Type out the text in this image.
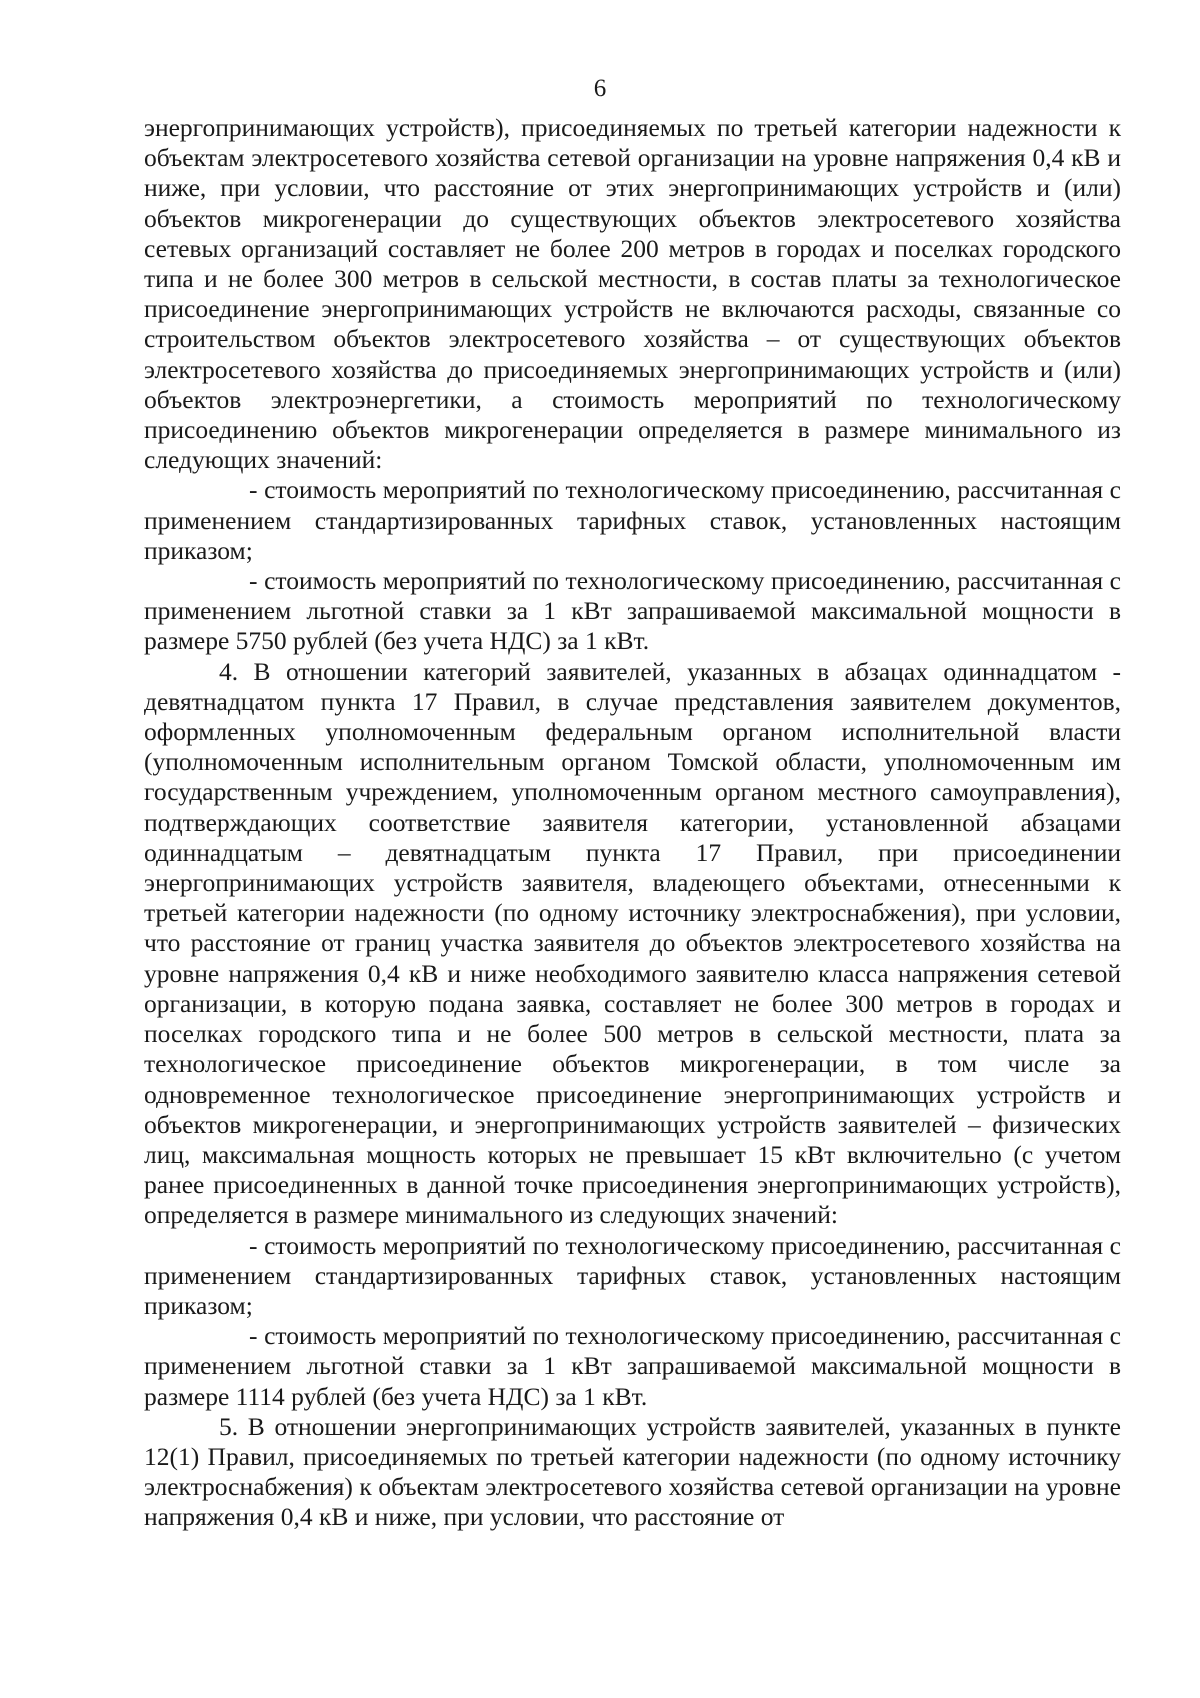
6

энергопринимающих устройств), присоединяемых по третьей категории надежности к объектам электросетевого хозяйства сетевой организации на уровне напряжения 0,4 кВ и ниже, при условии, что расстояние от этих энергопринимающих устройств и (или) объектов микрогенерации до существующих объектов электросетевого хозяйства сетевых организаций составляет не более 200 метров в городах и поселках городского типа и не более 300 метров в сельской местности, в состав платы за технологическое присоединение энергопринимающих устройств не включаются расходы, связанные со строительством объектов электросетевого хозяйства – от существующих объектов электросетевого хозяйства до присоединяемых энергопринимающих устройств и (или) объектов электроэнергетики, а стоимость мероприятий по технологическому присоединению объектов микрогенерации определяется в размере минимального из следующих значений:

- стоимость мероприятий по технологическому присоединению, рассчитанная с применением стандартизированных тарифных ставок, установленных настоящим приказом;

- стоимость мероприятий по технологическому присоединению, рассчитанная с применением льготной ставки за 1 кВт запрашиваемой максимальной мощности в размере 5750 рублей (без учета НДС) за 1 кВт.

4. В отношении категорий заявителей, указанных в абзацах одиннадцатом - девятнадцатом пункта 17 Правил, в случае представления заявителем документов, оформленных уполномоченным федеральным органом исполнительной власти (уполномоченным исполнительным органом Томской области, уполномоченным им государственным учреждением, уполномоченным органом местного самоуправления), подтверждающих соответствие заявителя категории, установленной абзацами одиннадцатым – девятнадцатым пункта 17 Правил, при присоединении энергопринимающих устройств заявителя, владеющего объектами, отнесенными к третьей категории надежности (по одному источнику электроснабжения), при условии, что расстояние от границ участка заявителя до объектов электросетевого хозяйства на уровне напряжения 0,4 кВ и ниже необходимого заявителю класса напряжения сетевой организации, в которую подана заявка, составляет не более 300 метров в городах и поселках городского типа и не более 500 метров в сельской местности, плата за технологическое присоединение объектов микрогенерации, в том числе за одновременное технологическое присоединение энергопринимающих устройств и объектов микрогенерации, и энергопринимающих устройств заявителей – физических лиц, максимальная мощность которых не превышает 15 кВт включительно (с учетом ранее присоединенных в данной точке присоединения энергопринимающих устройств), определяется в размере минимального из следующих значений:

- стоимость мероприятий по технологическому присоединению, рассчитанная с применением стандартизированных тарифных ставок, установленных настоящим приказом;

- стоимость мероприятий по технологическому присоединению, рассчитанная с применением льготной ставки за 1 кВт запрашиваемой максимальной мощности в размере 1114 рублей (без учета НДС) за 1 кВт.

5. В отношении энергопринимающих устройств заявителей, указанных в пункте 12(1) Правил, присоединяемых по третьей категории надежности (по одному источнику электроснабжения) к объектам электросетевого хозяйства сетевой организации на уровне напряжения 0,4 кВ и ниже, при условии, что расстояние от
